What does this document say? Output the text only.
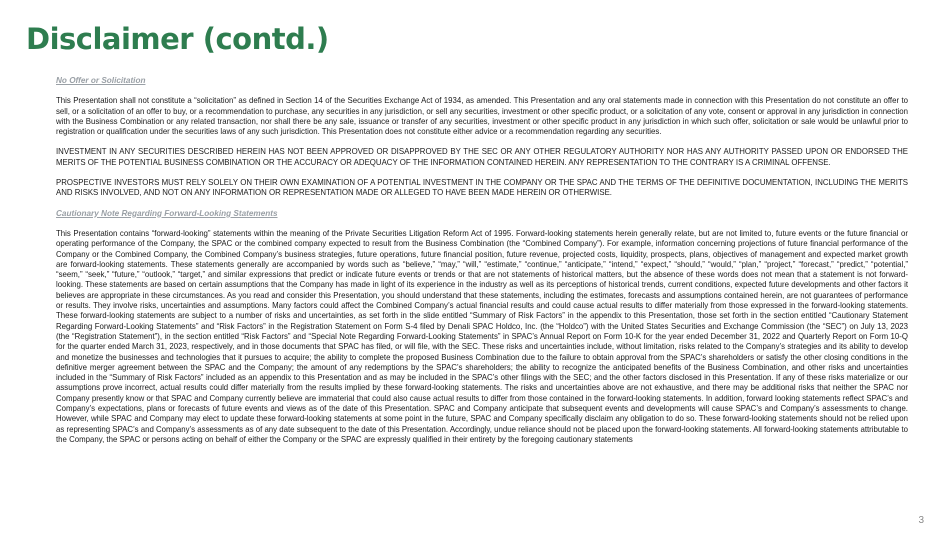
Disclaimer (contd.)
No Offer or Solicitation

This Presentation shall not constitute a “solicitation” as defined in Section 14 of the Securities Exchange Act of 1934, as amended. This Presentation and any oral statements made in connection with this Presentation do not constitute an offer to sell, or a solicitation of an offer to buy, or a recommendation to purchase, any securities in any jurisdiction, or sell any securities, investment or other specific product, or a solicitation of any vote, consent or approval in any jurisdiction in connection with the Business Combination or any related transaction, nor shall there be any sale, issuance or transfer of any securities, investment or other specific product in any jurisdiction in which such offer, solicitation or sale would be unlawful prior to registration or qualification under the securities laws of any such jurisdiction. This Presentation does not constitute either advice or a recommendation regarding any securities.

INVESTMENT IN ANY SECURITIES DESCRIBED HEREIN HAS NOT BEEN APPROVED OR DISAPPROVED BY THE SEC OR ANY OTHER REGULATORY AUTHORITY NOR HAS ANY AUTHORITY PASSED UPON OR ENDORSED THE MERITS OF THE POTENTIAL BUSINESS COMBINATION OR THE ACCURACY OR ADEQUACY OF THE INFORMATION CONTAINED HEREIN. ANY REPRESENTATION TO THE CONTRARY IS A CRIMINAL OFFENSE.

PROSPECTIVE INVESTORS MUST RELY SOLELY ON THEIR OWN EXAMINATION OF A POTENTIAL INVESTMENT IN THE COMPANY OR THE SPAC AND THE TERMS OF THE DEFINITIVE DOCUMENTATION, INCLUDING THE MERITS AND RISKS INVOLVED, AND NOT ON ANY INFORMATION OR REPRESENTATION MADE OR ALLEGED TO HAVE BEEN MADE HEREIN OR OTHERWISE.

Cautionary Note Regarding Forward-Looking Statements

This Presentation contains “forward-looking” statements within the meaning of the Private Securities Litigation Reform Act of 1995. Forward-looking statements herein generally relate, but are not limited to, future events or the future financial or operating performance of the Company, the SPAC or the combined company expected to result from the Business Combination (the “Combined Company”). For example, information concerning projections of future financial performance of the Company or the Combined Company, the Combined Company’s business strategies, future operations, future financial position, future revenue, projected costs, liquidity, prospects, plans, objectives of management and expected market growth are forward-looking statements. These statements generally are accompanied by words such as “believe,” “may,” “will,” “estimate,” “continue,” “anticipate,” “intend,” “expect,” “should,” “would,” “plan,” “project,” “forecast,” “predict,” “potential,” “seem,” “seek,” “future,” “outlook,” “target,” and similar expressions that predict or indicate future events or trends or that are not statements of historical matters, but the absence of these words does not mean that a statement is not forward-looking. These statements are based on certain assumptions that the Company has made in light of its experience in the industry as well as its perceptions of historical trends, current conditions, expected future developments and other factors it believes are appropriate in these circumstances. As you read and consider this Presentation, you should understand that these statements, including the estimates, forecasts and assumptions contained herein, are not guarantees of performance or results. They involve risks, uncertainties and assumptions. Many factors could affect the Combined Company’s actual financial results and could cause actual results to differ materially from those expressed in the forward-looking statements. These forward-looking statements are subject to a number of risks and uncertainties, as set forth in the slide entitled “Summary of Risk Factors” in the appendix to this Presentation, those set forth in the section entitled “Cautionary Statement Regarding Forward-Looking Statements” and “Risk Factors” in the Registration Statement on Form S-4 filed by Denali SPAC Holdco, Inc. (the “Holdco”) with the United States Securities and Exchange Commission (the “SEC”) on July 13, 2023 (the “Registration Statement”), in the section entitled “Risk Factors” and “Special Note Regarding Forward-Looking Statements” in SPAC’s Annual Report on Form 10-K for the year ended December 31, 2022 and Quarterly Report on Form 10-Q for the quarter ended March 31, 2023, respectively, and in those documents that SPAC has filed, or will file, with the SEC. These risks and uncertainties include, without limitation, risks related to the Company’s strategies and its ability to develop and monetize the businesses and technologies that it pursues to acquire; the ability to complete the proposed Business Combination due to the failure to obtain approval from the SPAC’s shareholders or satisfy the other closing conditions in the definitive merger agreement between the SPAC and the Company; the amount of any redemptions by the SPAC’s shareholders; the ability to recognize the anticipated benefits of the Business Combination, and other risks and uncertainties included in the “Summary of Risk Factors” included as an appendix to this Presentation and as may be included in the SPAC’s other filings with the SEC; and the other factors disclosed in this Presentation. If any of these risks materialize or our assumptions prove incorrect, actual results could differ materially from the results implied by these forward-looking statements. The risks and uncertainties above are not exhaustive, and there may be additional risks that neither the SPAC nor Company presently know or that SPAC and Company currently believe are immaterial that could also cause actual results to differ from those contained in the forward-looking statements. In addition, forward looking statements reflect SPAC’s and Company’s expectations, plans or forecasts of future events and views as of the date of this Presentation. SPAC and Company anticipate that subsequent events and developments will cause SPAC’s and Company’s assessments to change. However, while SPAC and Company may elect to update these forward-looking statements at some point in the future, SPAC and Company specifically disclaim any obligation to do so. These forward-looking statements should not be relied upon as representing SPAC’s and Company’s assessments as of any date subsequent to the date of this Presentation. Accordingly, undue reliance should not be placed upon the forward-looking statements. All forward-looking statements attributable to the Company, the SPAC or persons acting on behalf of either the Company or the SPAC are expressly qualified in their entirety by the foregoing cautionary statements

3
